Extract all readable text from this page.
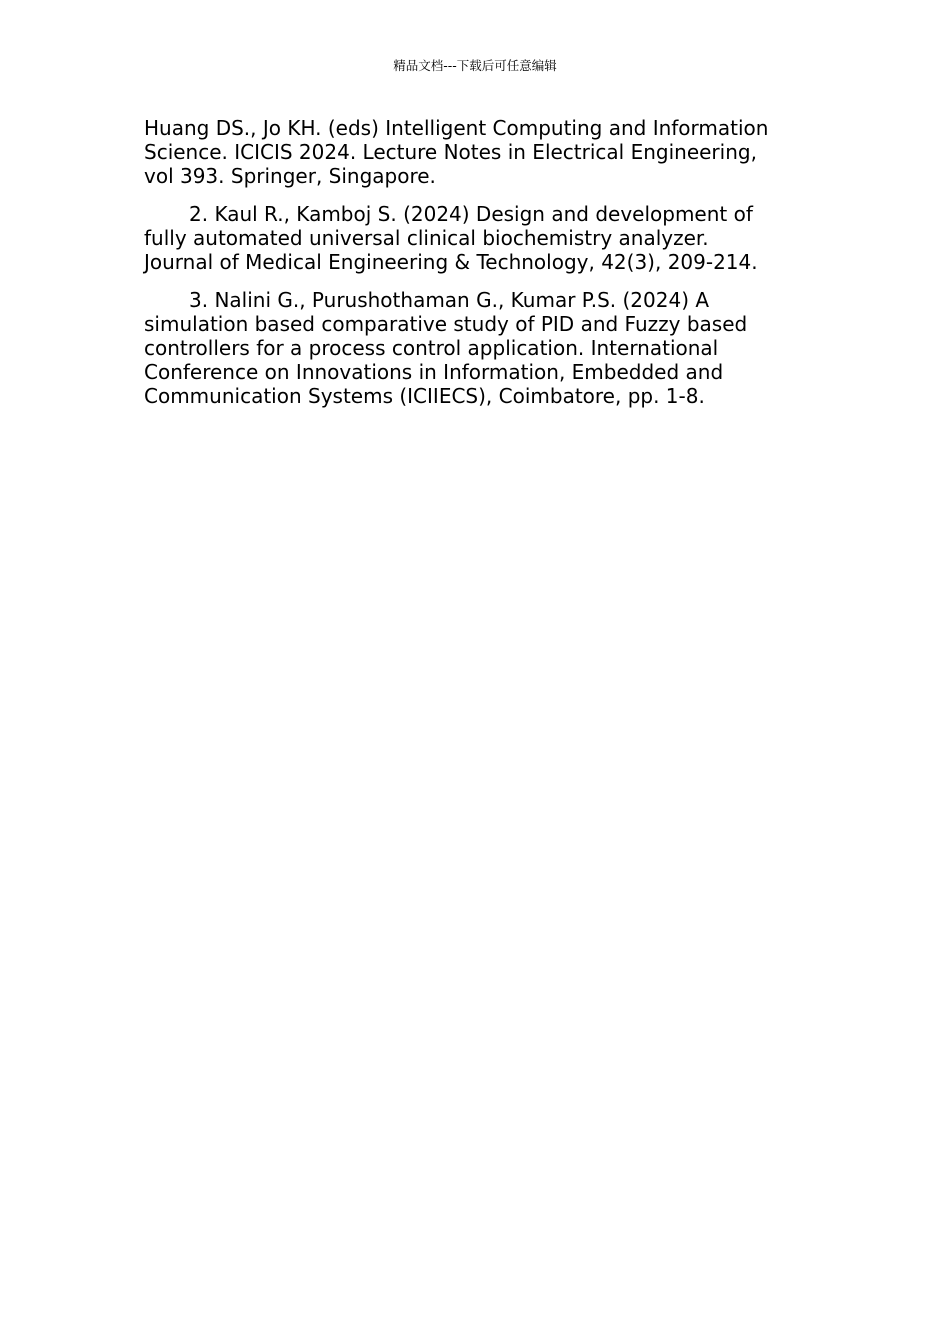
精品文档---下载后可任意编辑

Huang DS., Jo KH. (eds) Intelligent Computing and Information
Science. ICICIS 2024. Lecture Notes in Electrical Engineering,
vol 393. Springer, Singapore.

2. Kaul R., Kamboj S. (2024) Design and development of
fully automated universal clinical biochemistry analyzer.
Journal of Medical Engineering & Technology, 42(3), 209-214.

3. Nalini G., Purushothaman G., Kumar P.S. (2024) A
simulation based comparative study of PID and Fuzzy based
controllers for a process control application. International
Conference on Innovations in Information, Embedded and
Communication Systems (ICIIECS), Coimbatore, pp. 1-8.
